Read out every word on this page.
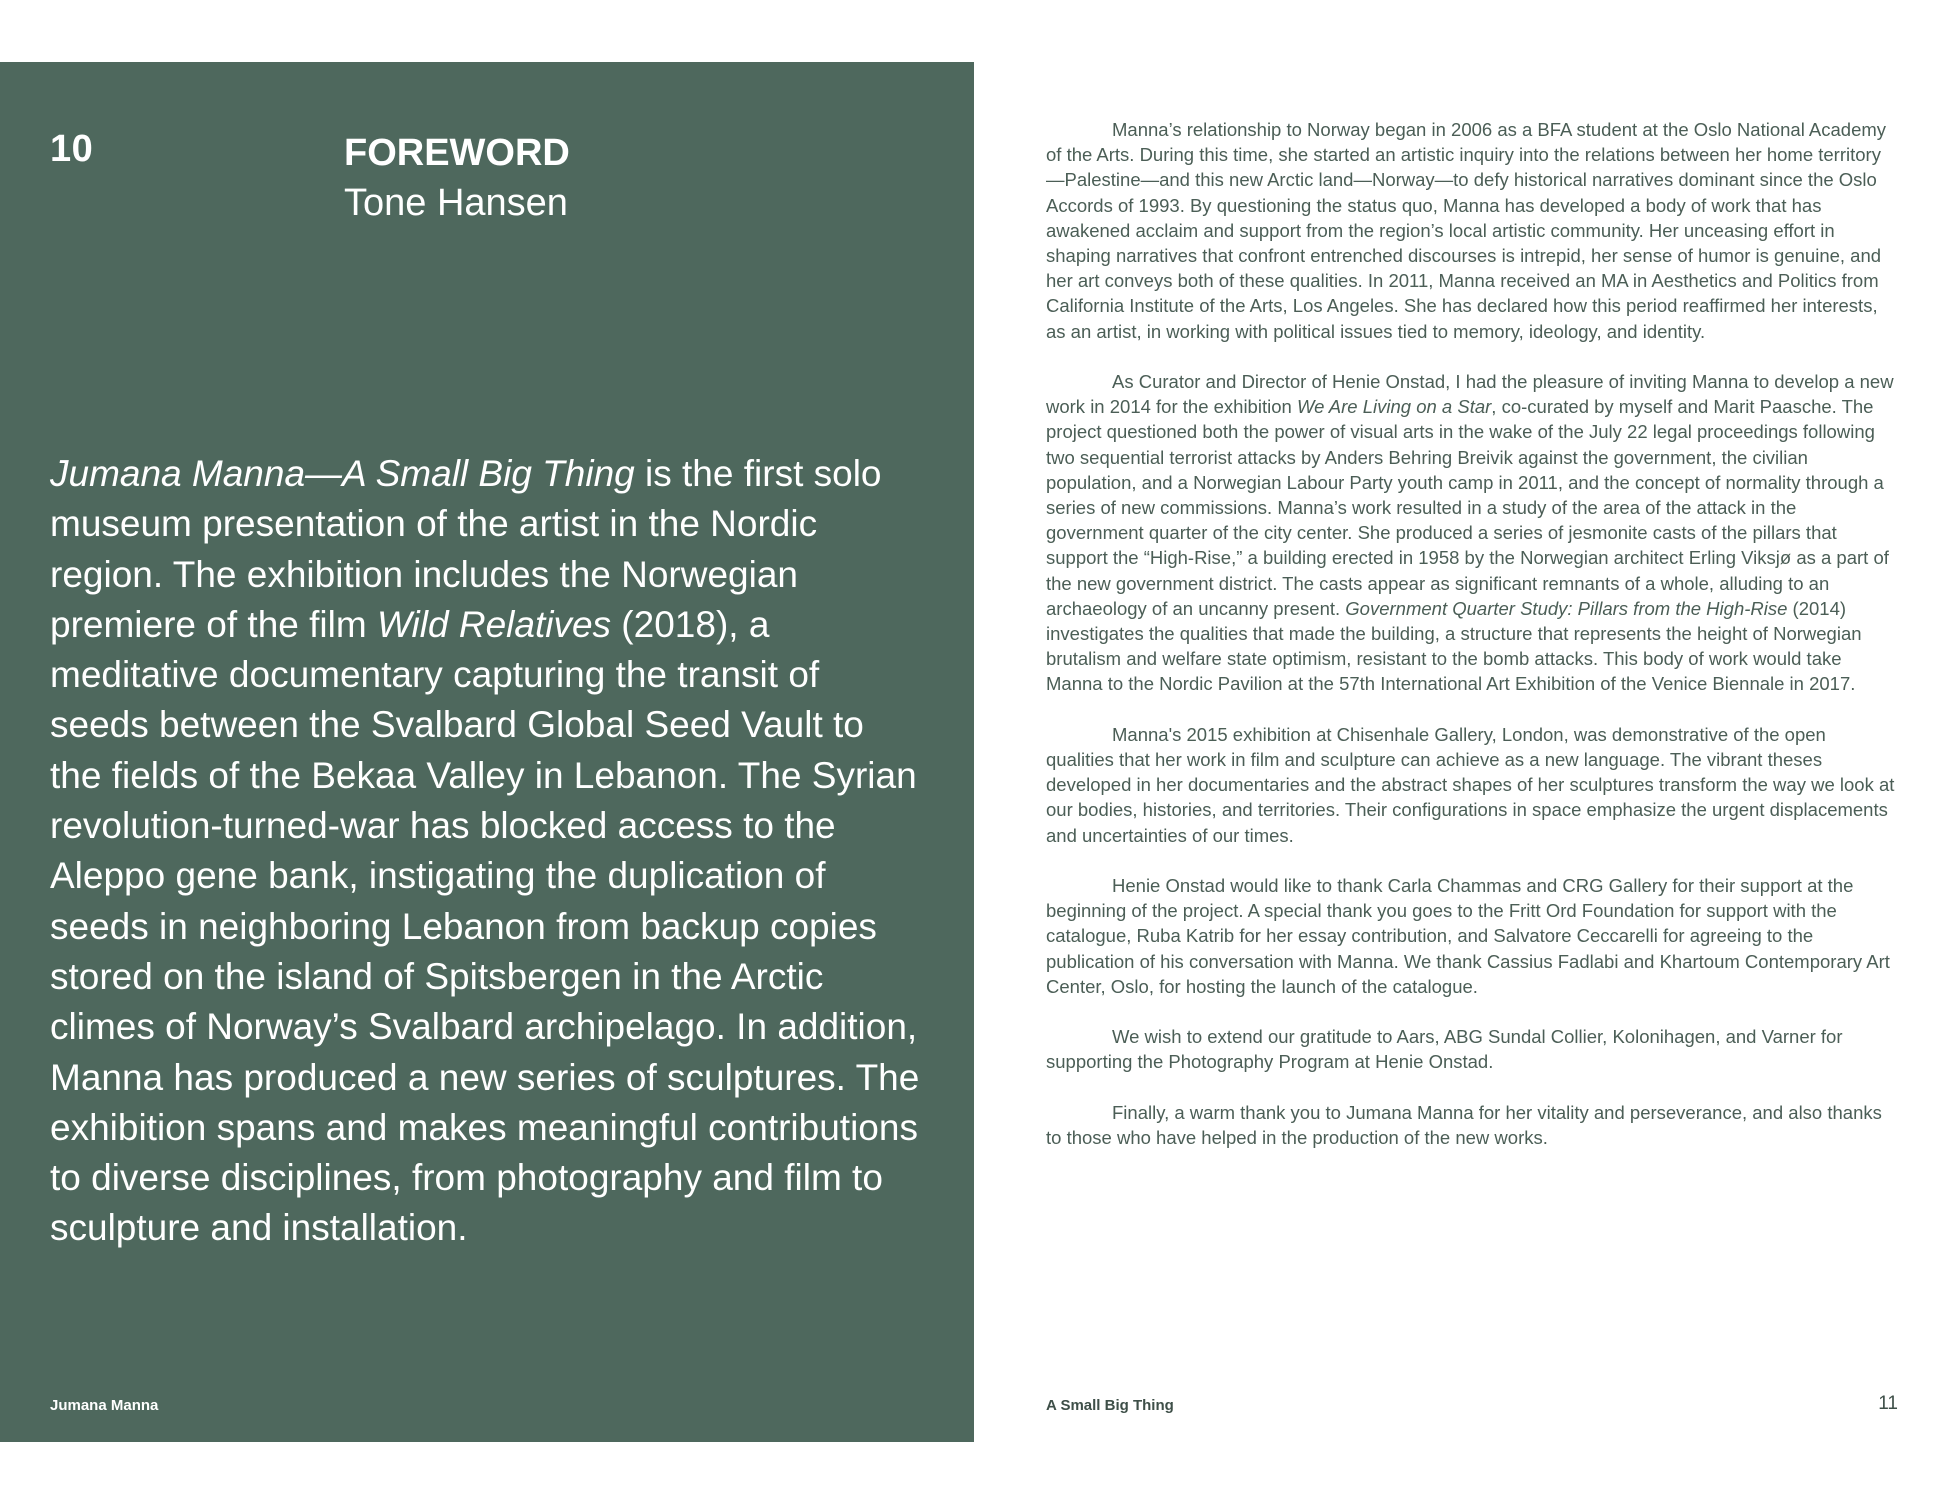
10	FOREWORD
Tone Hansen

Jumana Manna—A Small Big Thing is the first solo museum presentation of the artist in the Nordic region. The exhibition includes the Norwegian premiere of the film Wild Relatives (2018), a meditative documentary capturing the transit of seeds between the Svalbard Global Seed Vault to the fields of the Bekaa Valley in Lebanon. The Syrian revolution-turned-war has blocked access to the Aleppo gene bank, instigating the duplication of seeds in neighboring Lebanon from backup copies stored on the island of Spitsbergen in the Arctic climes of Norway’s Svalbard archipelago. In addition, Manna has produced a new series of sculptures. The exhibition spans and makes meaningful contributions to diverse disciplines, from photography and film to sculpture and installation.

Jumana Manna

Manna’s relationship to Norway began in 2006 as a BFA student at the Oslo National Academy of the Arts. During this time, she started an artistic inquiry into the relations between her home territory—Palestine—and this new Arctic land—Norway—to defy historical narratives dominant since the Oslo Accords of 1993. By questioning the status quo, Manna has developed a body of work that has awakened acclaim and support from the region’s local artistic community. Her unceasing effort in shaping narratives that confront entrenched discourses is intrepid, her sense of humor is genuine, and her art conveys both of these qualities. In 2011, Manna received an MA in Aesthetics and Politics from California Institute of the Arts, Los Angeles. She has declared how this period reaffirmed her interests, as an artist, in working with political issues tied to memory, ideology, and identity.

As Curator and Director of Henie Onstad, I had the pleasure of inviting Manna to develop a new work in 2014 for the exhibition We Are Living on a Star, co-curated by myself and Marit Paasche. The project questioned both the power of visual arts in the wake of the July 22 legal proceedings following two sequential terrorist attacks by Anders Behring Breivik against the government, the civilian population, and a Norwegian Labour Party youth camp in 2011, and the concept of normality through a series of new commissions. Manna’s work resulted in a study of the area of the attack in the government quarter of the city center. She produced a series of jesmonite casts of the pillars that support the “High-Rise,” a building erected in 1958 by the Norwegian architect Erling Viksjø as a part of the new government district. The casts appear as significant remnants of a whole, alluding to an archaeology of an uncanny present. Government Quarter Study: Pillars from the High-Rise (2014) investigates the qualities that made the building, a structure that represents the height of Norwegian brutalism and welfare state optimism, resistant to the bomb attacks. This body of work would take Manna to the Nordic Pavilion at the 57th International Art Exhibition of the Venice Biennale in 2017.

Manna's 2015 exhibition at Chisenhale Gallery, London, was demonstrative of the open qualities that her work in film and sculpture can achieve as a new language. The vibrant theses developed in her documentaries and the abstract shapes of her sculptures transform the way we look at our bodies, histories, and territories. Their configurations in space emphasize the urgent displacements and uncertainties of our times.

Henie Onstad would like to thank Carla Chammas and CRG Gallery for their support at the beginning of the project. A special thank you goes to the Fritt Ord Foundation for support with the catalogue, Ruba Katrib for her essay contribution, and Salvatore Ceccarelli for agreeing to the publication of his conversation with Manna. We thank Cassius Fadlabi and Khartoum Contemporary Art Center, Oslo, for hosting the launch of the catalogue.

We wish to extend our gratitude to Aars, ABG Sundal Collier, Kolonihagen, and Varner for supporting the Photography Program at Henie Onstad.

Finally, a warm thank you to Jumana Manna for her vitality and perseverance, and also thanks to those who have helped in the production of the new works.

A Small Big Thing	11
